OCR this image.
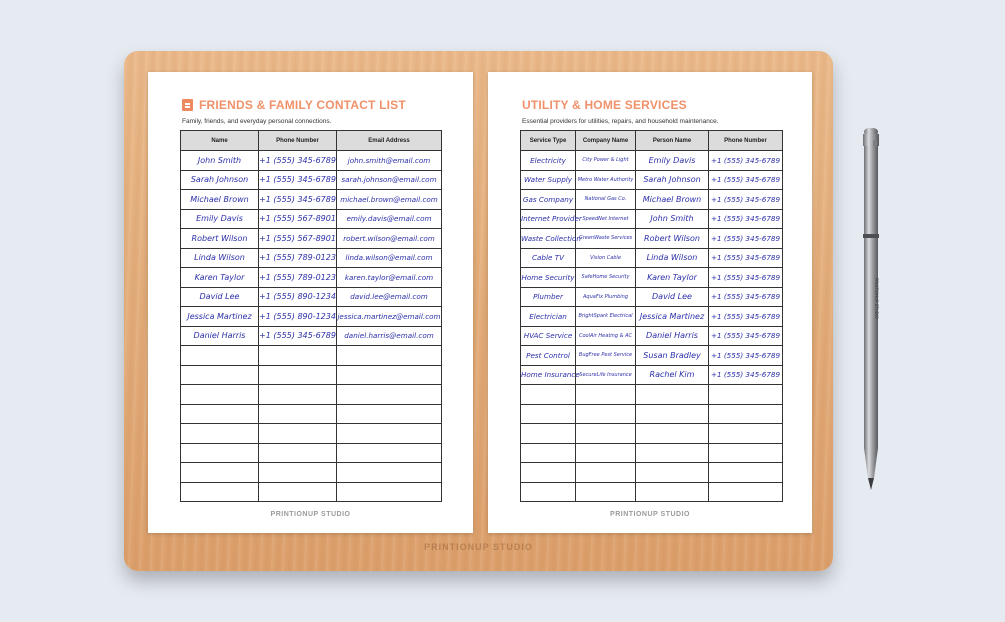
FRIENDS & FAMILY CONTACT LIST
Family, friends, and everyday personal connections.
Name	Phone Number	Email Address
John Smith	+1 (555) 345-6789	john.smith@email.com
Sarah Johnson	+1 (555) 345-6789	sarah.johnson@email.com
Michael Brown	+1 (555) 345-6789	michael.brown@email.com
Emily Davis	+1 (555) 567-8901	emily.davis@email.com
Robert Wilson	+1 (555) 567-8901	robert.wilson@email.com
Linda Wilson	+1 (555) 789-0123	linda.wilson@email.com
Karen Taylor	+1 (555) 789-0123	karen.taylor@email.com
David Lee	+1 (555) 890-1234	david.lee@email.com
Jessica Martinez	+1 (555) 890-1234	jessica.martinez@email.com
Daniel Harris	+1 (555) 345-6789	daniel.harris@email.com

PRINTIONUP STUDIO
UTILITY & HOME SERVICES
Essential providers for utilities, repairs, and household maintenance.
Service Type	Company Name	Person Name	Phone Number
Electricity	City Power & Light	Emily Davis	+1 (555) 345-6789
Water Supply	Metro Water Authority	Sarah Johnson	+1 (555) 345-6789
Gas Company	National Gas Co.	Michael Brown	+1 (555) 345-6789
Internet Provider	SpeedNet Internet	John Smith	+1 (555) 345-6789
Waste Collection	GreenWaste Services	Robert Wilson	+1 (555) 345-6789
Cable TV	Vision Cable	Linda Wilson	+1 (555) 345-6789
Home Security	SafeHome Security	Karen Taylor	+1 (555) 345-6789
Plumber	AquaFix Plumbing	David Lee	+1 (555) 345-6789
Electrician	BrightSpark Electrical	Jessica Martinez	+1 (555) 345-6789
HVAC Service	CoolAir Heating & AC	Daniel Harris	+1 (555) 345-6789
Pest Control	BugFree Pest Service	Susan Bradley	+1 (555) 345-6789
Home Insurance	SecureLife Insurance	Rachel Kim	+1 (555) 345-6789

PRINTIONUP STUDIO
PRINTIONUP STUDIO
PRINTIONUP STUDIO
